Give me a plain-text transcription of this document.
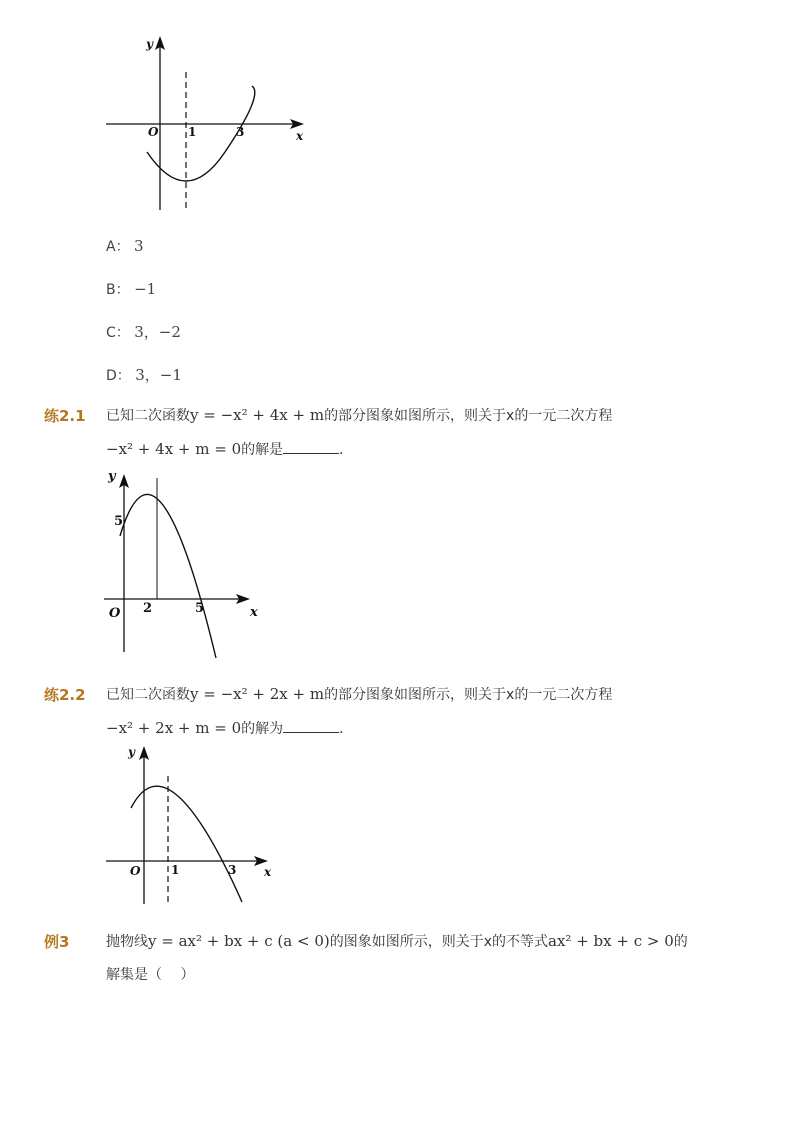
y
x
O 1	3
A： 3
B： −1
C： 3，−2
D： 3，−1
练2.1 已知二次函数y = −x² + 4x + m的部分图象如图所示，则关于x的一元二次方程
−x² + 4x + m = 0的解是	．
y
x
O 2	5
5
练2.2 已知二次函数y = −x² + 2x + m的部分图象如图所示，则关于x的一元二次方程
−x² + 2x + m = 0的解为	．
y
x
O	1	3
例3	抛物线y = ax² + bx + c (a < 0)的图象如图所示，则关于x的不等式ax² + bx + c > 0的
解集是（　 ）
